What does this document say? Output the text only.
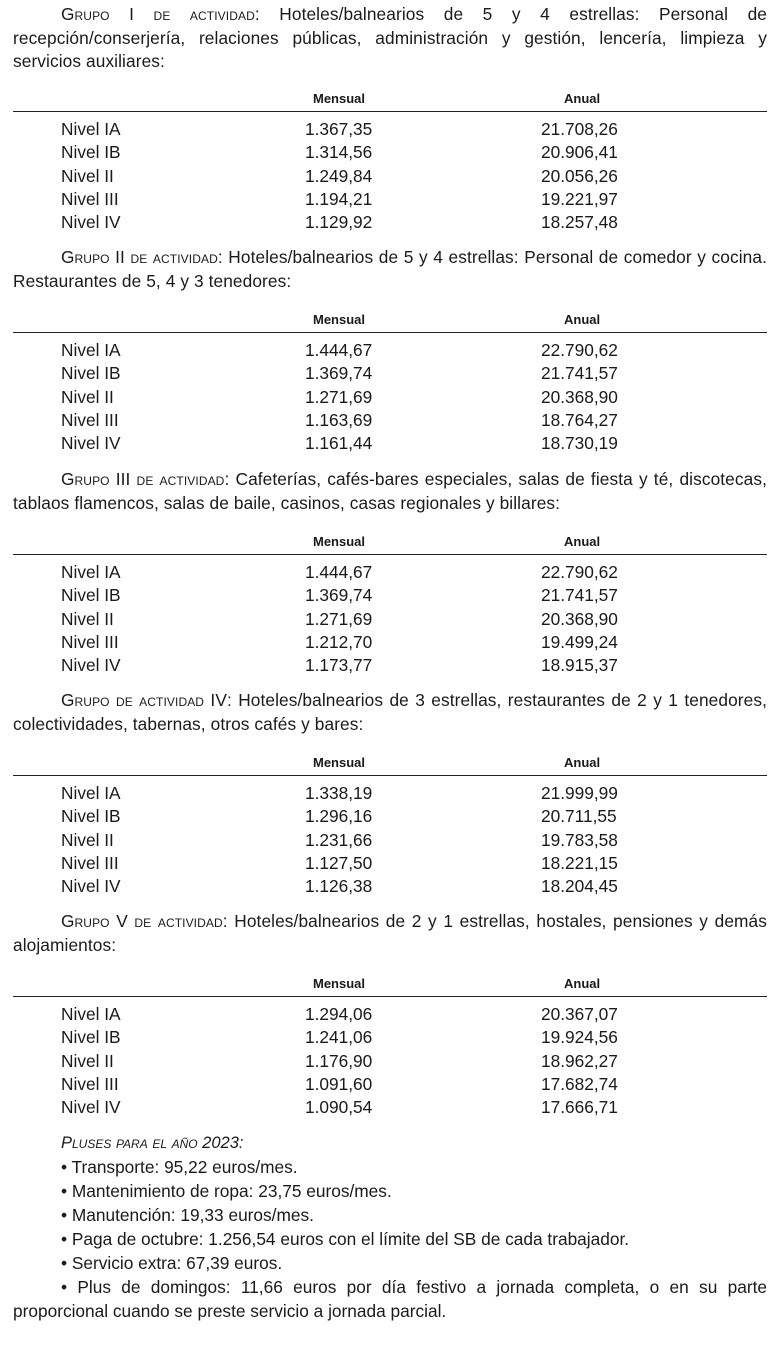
Grupo I de actividad: Hoteles/balnearios de 5 y 4 estrellas: Personal de recepción/conserjería, relaciones públicas, administración y gestión, lencería, limpieza y servicios auxiliares:

Mensual	Anual
Nivel IA	1.367,35	21.708,26
Nivel IB	1.314,56	20.906,41
Nivel II	1.249,84	20.056,26
Nivel III	1.194,21	19.221,97
Nivel IV	1.129,92	18.257,48

Grupo II de actividad: Hoteles/balnearios de 5 y 4 estrellas: Personal de comedor y cocina. Restaurantes de 5, 4 y 3 tenedores:

Mensual	Anual
Nivel IA	1.444,67	22.790,62
Nivel IB	1.369,74	21.741,57
Nivel II	1.271,69	20.368,90
Nivel III	1.163,69	18.764,27
Nivel IV	1.161,44	18.730,19

Grupo III de actividad: Cafeterías, cafés-bares especiales, salas de fiesta y té, discotecas, tablaos flamencos, salas de baile, casinos, casas regionales y billares:

Mensual	Anual
Nivel IA	1.444,67	22.790,62
Nivel IB	1.369,74	21.741,57
Nivel II	1.271,69	20.368,90
Nivel III	1.212,70	19.499,24
Nivel IV	1.173,77	18.915,37

Grupo de actividad IV: Hoteles/balnearios de 3 estrellas, restaurantes de 2 y 1 tenedores, colectividades, tabernas, otros cafés y bares:

Mensual	Anual
Nivel IA	1.338,19	21.999,99
Nivel IB	1.296,16	20.711,55
Nivel II	1.231,66	19.783,58
Nivel III	1.127,50	18.221,15
Nivel IV	1.126,38	18.204,45

Grupo V de actividad: Hoteles/balnearios de 2 y 1 estrellas, hostales, pensiones y demás alojamientos:

Mensual	Anual
Nivel IA	1.294,06	20.367,07
Nivel IB	1.241,06	19.924,56
Nivel II	1.176,90	18.962,27
Nivel III	1.091,60	17.682,74
Nivel IV	1.090,54	17.666,71

Pluses para el año 2023:

• Transporte: 95,22 euros/mes.

• Mantenimiento de ropa: 23,75 euros/mes.

• Manutención: 19,33 euros/mes.

• Paga de octubre: 1.256,54 euros con el límite del SB de cada trabajador.

• Servicio extra: 67,39 euros.

• Plus de domingos: 11,66 euros por día festivo a jornada completa, o en su parte proporcional cuando se preste servicio a jornada parcial.
